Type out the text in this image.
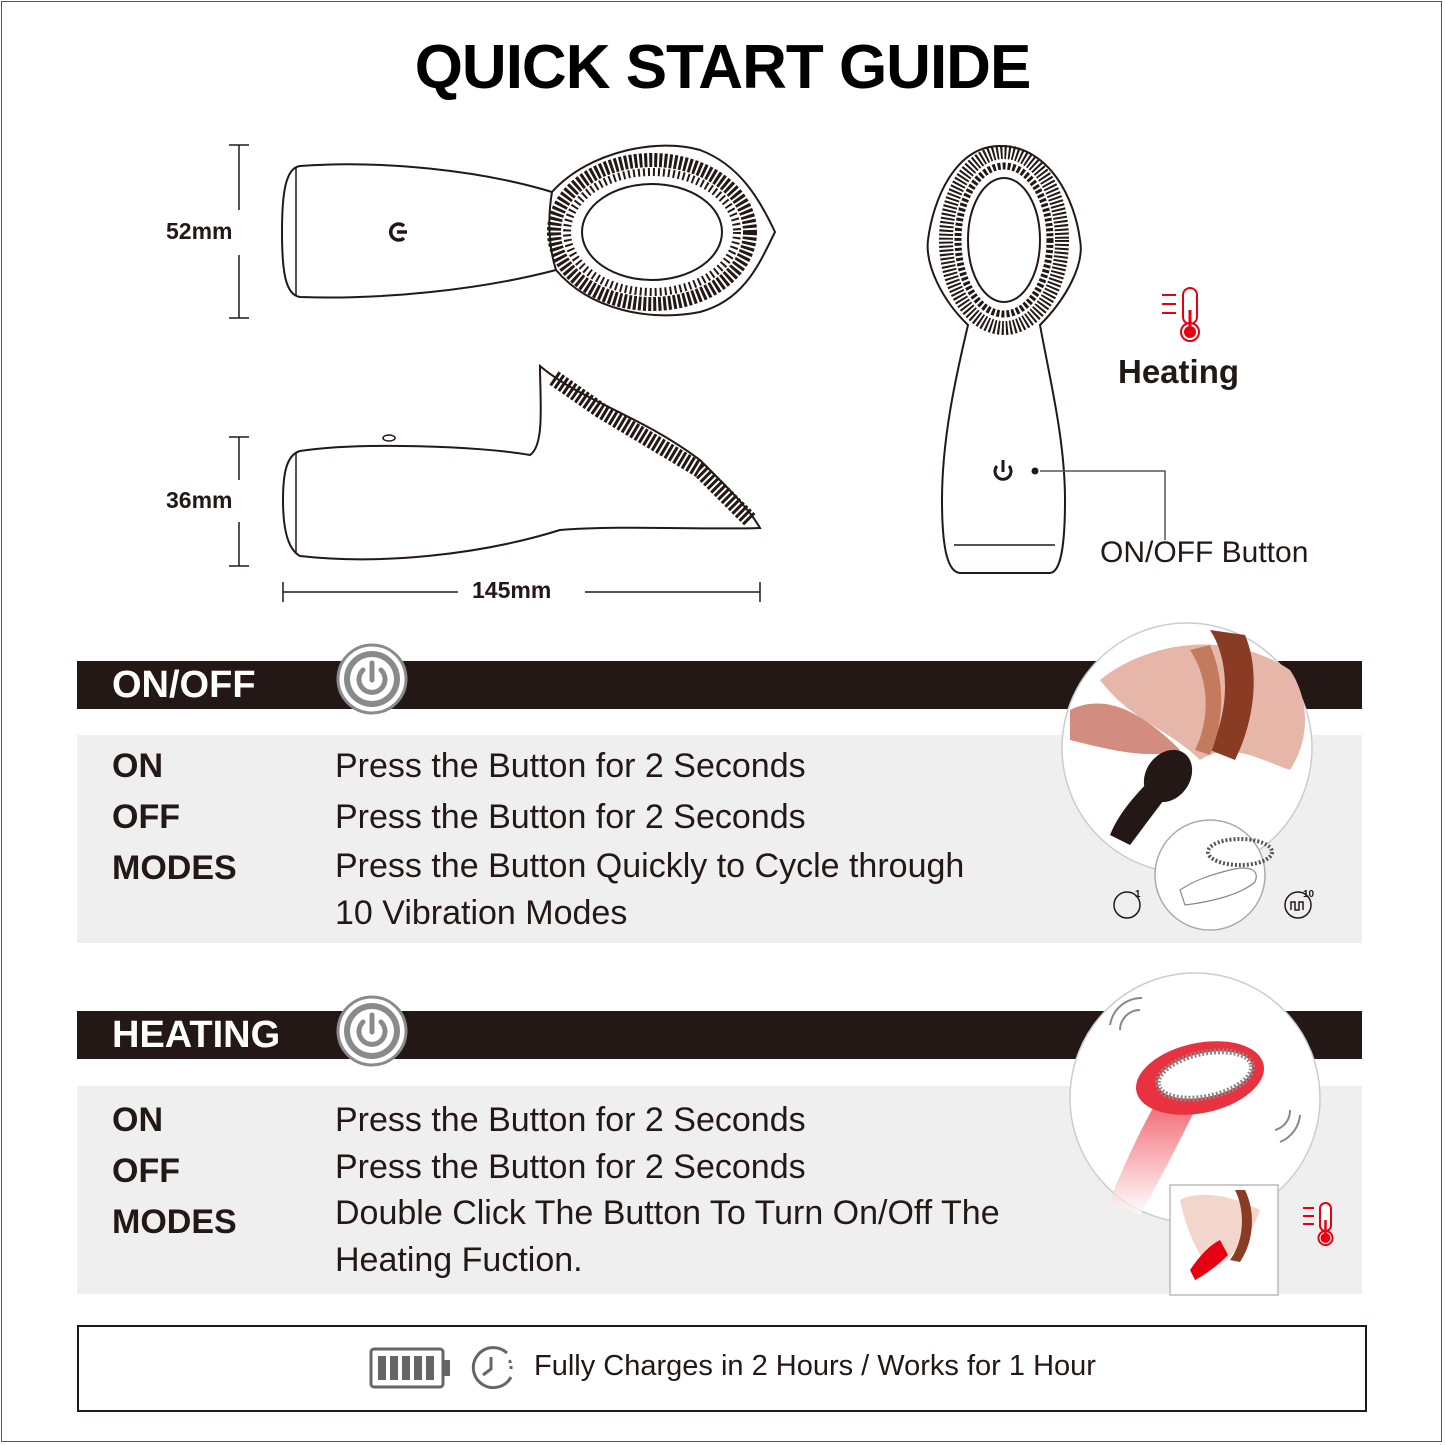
QUICK START GUIDE
52mm
36mm
145mm
Heating
ON/OFF Button
ON/OFF
ON	Press the Button for 2 Seconds
OFF	Press the Button for 2 Seconds
MODES	Press the Button Quickly to Cycle through
10 Vibration Modes	1	10
HEATING
ON	Press the Button for 2 Seconds
OFF	Press the Button for 2 Seconds
MODES	Double Click The Button To Turn On/Off The
Heating Fuction.
Fully Charges in 2 Hours / Works for 1 Hour
